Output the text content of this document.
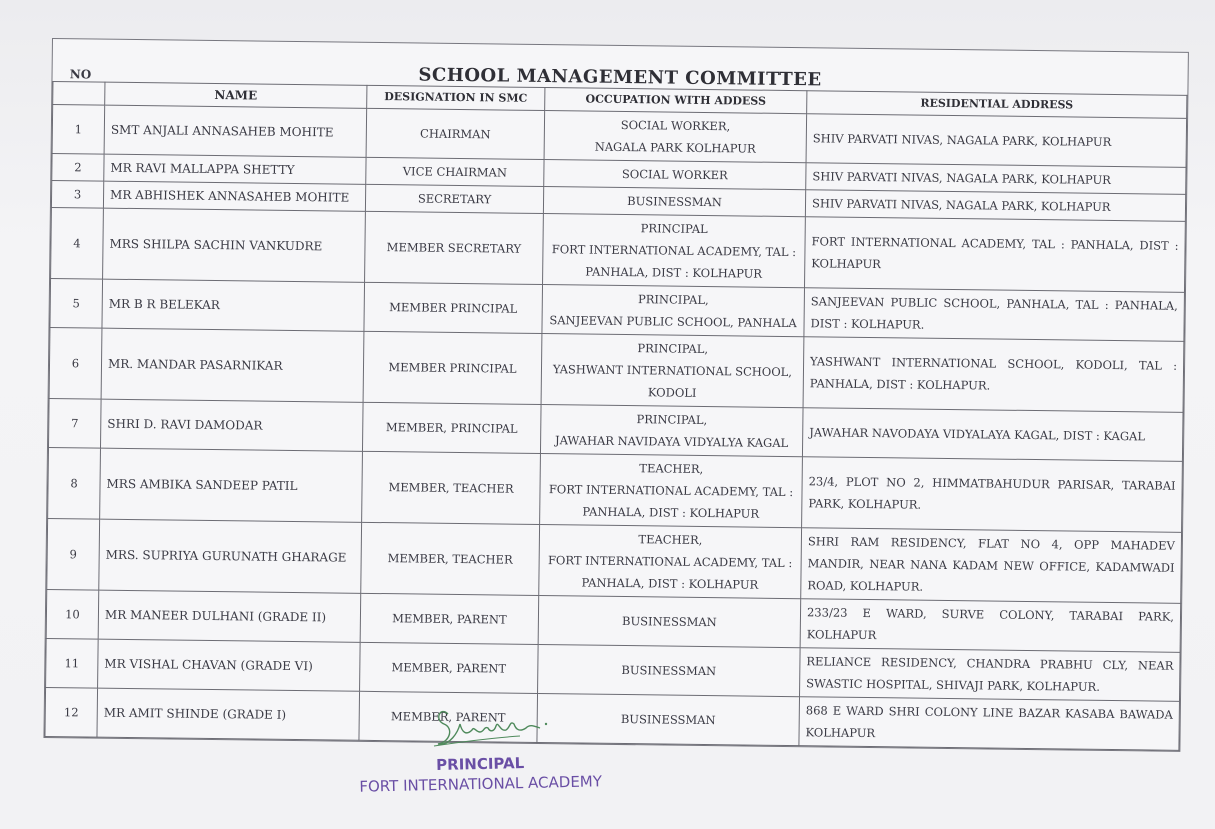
NO	SCHOOL MANAGEMENT COMMITTEE
	NAME	DESIGNATION IN SMC	OCCUPATION WITH ADDESS	RESIDENTIAL ADDRESS
1	SMT ANJALI ANNASAHEB MOHITE	CHAIRMAN	SOCIAL WORKER,
NAGALA PARK KOLHAPUR	SHIV PARVATI NIVAS, NAGALA PARK, KOLHAPUR
2	MR RAVI MALLAPPA SHETTY	VICE CHAIRMAN	SOCIAL WORKER	SHIV PARVATI NIVAS, NAGALA PARK, KOLHAPUR
3	MR ABHISHEK ANNASAHEB MOHITE	SECRETARY	BUSINESSMAN	SHIV PARVATI NIVAS, NAGALA PARK, KOLHAPUR
4	MRS SHILPA SACHIN VANKUDRE	MEMBER SECRETARY	PRINCIPAL
FORT INTERNATIONAL ACADEMY, TAL :
PANHALA, DIST : KOLHAPUR	FORT INTERNATIONAL ACADEMY, TAL : PANHALA, DIST : KOLHAPUR
5	MR B R BELEKAR	MEMBER PRINCIPAL	PRINCIPAL,
SANJEEVAN PUBLIC SCHOOL, PANHALA	SANJEEVAN PUBLIC SCHOOL, PANHALA, TAL : PANHALA, DIST : KOLHAPUR.
6	MR. MANDAR PASARNIKAR	MEMBER PRINCIPAL	PRINCIPAL,
YASHWANT INTERNATIONAL SCHOOL,
KODOLI	YASHWANT INTERNATIONAL SCHOOL, KODOLI, TAL : PANHALA, DIST : KOLHAPUR.
7	SHRI D. RAVI DAMODAR	MEMBER, PRINCIPAL	PRINCIPAL,
JAWAHAR NAVIDAYA VIDYALYA KAGAL	JAWAHAR NAVODAYA VIDYALAYA KAGAL, DIST : KAGAL
8	MRS AMBIKA SANDEEP PATIL	MEMBER, TEACHER	TEACHER,
FORT INTERNATIONAL ACADEMY, TAL :
PANHALA, DIST : KOLHAPUR	23/4, PLOT NO 2, HIMMATBAHUDUR PARISAR, TARABAI PARK, KOLHAPUR.
9	MRS. SUPRIYA GURUNATH GHARAGE	MEMBER, TEACHER	TEACHER,
FORT INTERNATIONAL ACADEMY, TAL :
PANHALA, DIST : KOLHAPUR	SHRI RAM RESIDENCY, FLAT NO 4, OPP MAHADEV MANDIR, NEAR NANA KADAM NEW OFFICE, KADAMWADI ROAD, KOLHAPUR.
10	MR MANEER DULHANI (GRADE II)	MEMBER, PARENT	BUSINESSMAN	233/23 E WARD, SURVE COLONY, TARABAI PARK, KOLHAPUR
11	MR VISHAL CHAVAN (GRADE VI)	MEMBER, PARENT	BUSINESSMAN	RELIANCE RESIDENCY, CHANDRA PRABHU CLY, NEAR SWASTIC HOSPITAL, SHIVAJI PARK, KOLHAPUR.
12	MR AMIT SHINDE (GRADE I)	MEMBER, PARENT	BUSINESSMAN	868 E WARD SHRI COLONY LINE BAZAR KASABA BAWADA KOLHAPUR
PRINCIPAL
FORT INTERNATIONAL ACADEMY
